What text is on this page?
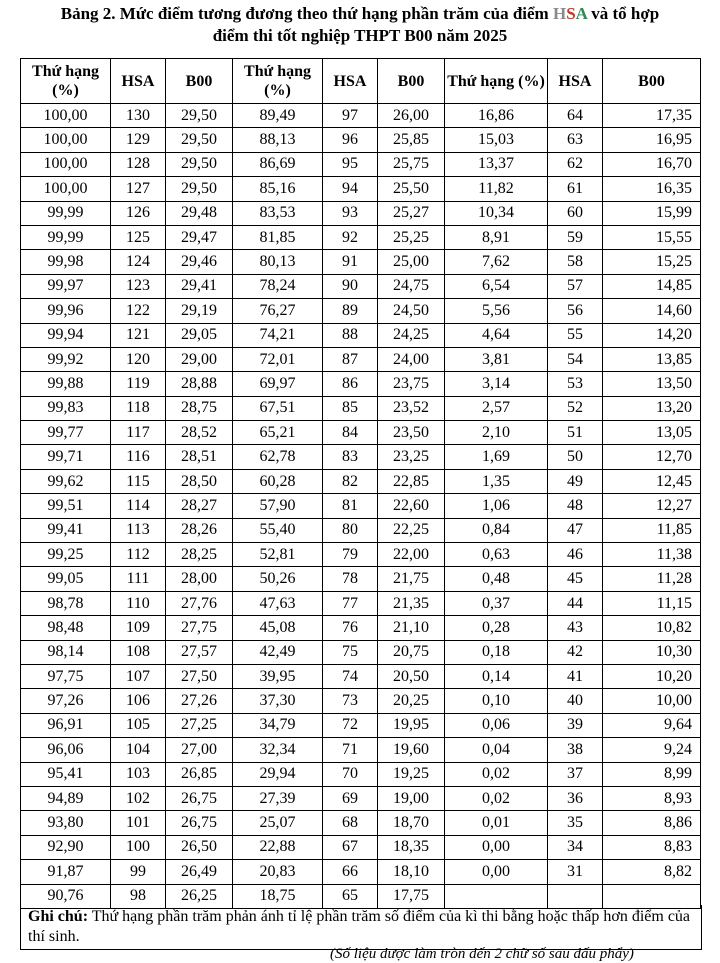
Bảng 2. Mức điểm tương đương theo thứ hạng phần trăm của điểm HSA và tổ hợp
điểm thi tốt nghiệp THPT B00 năm 2025
Thứ hạng (%)	HSA	B00	Thứ hạng (%)	HSA	B00	Thứ hạng (%)	HSA	B00
100,00	130	29,50	89,49	97	26,00	16,86	64	17,35
100,00	129	29,50	88,13	96	25,85	15,03	63	16,95
100,00	128	29,50	86,69	95	25,75	13,37	62	16,70
100,00	127	29,50	85,16	94	25,50	11,82	61	16,35
99,99	126	29,48	83,53	93	25,27	10,34	60	15,99
99,99	125	29,47	81,85	92	25,25	8,91	59	15,55
99,98	124	29,46	80,13	91	25,00	7,62	58	15,25
99,97	123	29,41	78,24	90	24,75	6,54	57	14,85
99,96	122	29,19	76,27	89	24,50	5,56	56	14,60
99,94	121	29,05	74,21	88	24,25	4,64	55	14,20
99,92	120	29,00	72,01	87	24,00	3,81	54	13,85
99,88	119	28,88	69,97	86	23,75	3,14	53	13,50
99,83	118	28,75	67,51	85	23,52	2,57	52	13,20
99,77	117	28,52	65,21	84	23,50	2,10	51	13,05
99,71	116	28,51	62,78	83	23,25	1,69	50	12,70
99,62	115	28,50	60,28	82	22,85	1,35	49	12,45
99,51	114	28,27	57,90	81	22,60	1,06	48	12,27
99,41	113	28,26	55,40	80	22,25	0,84	47	11,85
99,25	112	28,25	52,81	79	22,00	0,63	46	11,38
99,05	111	28,00	50,26	78	21,75	0,48	45	11,28
98,78	110	27,76	47,63	77	21,35	0,37	44	11,15
98,48	109	27,75	45,08	76	21,10	0,28	43	10,82
98,14	108	27,57	42,49	75	20,75	0,18	42	10,30
97,75	107	27,50	39,95	74	20,50	0,14	41	10,20
97,26	106	27,26	37,30	73	20,25	0,10	40	10,00
96,91	105	27,25	34,79	72	19,95	0,06	39	9,64
96,06	104	27,00	32,34	71	19,60	0,04	38	9,24
95,41	103	26,85	29,94	70	19,25	0,02	37	8,99
94,89	102	26,75	27,39	69	19,00	0,02	36	8,93
93,80	101	26,75	25,07	68	18,70	0,01	35	8,86
92,90	100	26,50	22,88	67	18,35	0,00	34	8,83
91,87	99	26,49	20,83	66	18,10	0,00	31	8,82
90,76	98	26,25	18,75	65	17,75			
Ghi chú: Thứ hạng phần trăm phản ánh tỉ lệ phần trăm số điểm của kì thi bằng hoặc thấp hơn điểm của thí sinh.
(Số liệu được làm tròn đến 2 chữ số sau dấu phẩy)
